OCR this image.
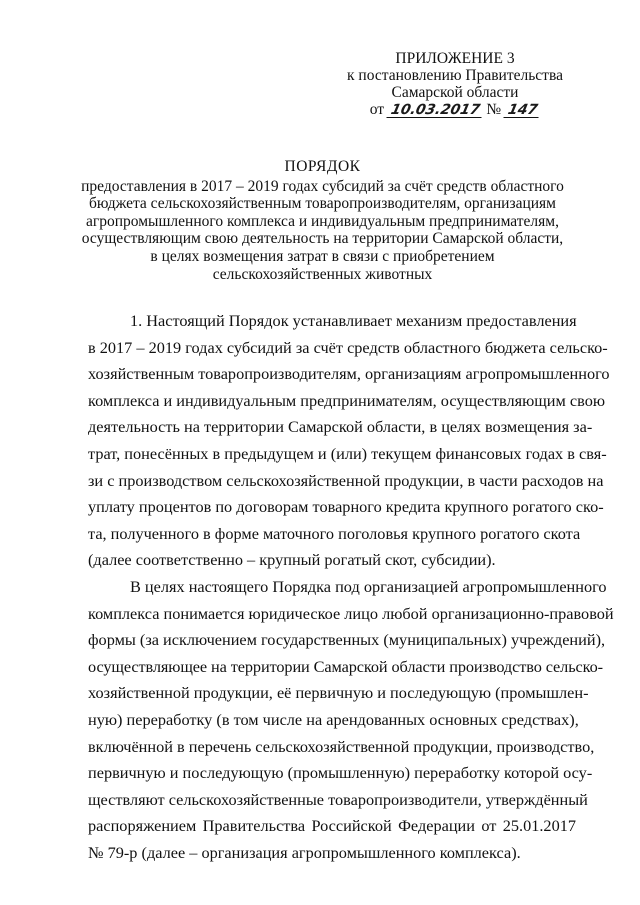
ПРИЛОЖЕНИЕ 3
к постановлению Правительства
Самарской области
от 10.03.2017 № 147
ПОРЯДОК
предоставления в 2017 – 2019 годах субсидий за счёт средств областного
бюджета сельскохозяйственным товаропроизводителям, организациям
агропромышленного комплекса и индивидуальным предпринимателям,
осуществляющим свою деятельность на территории Самарской области,
в целях возмещения затрат в связи с приобретением
сельскохозяйственных животных
1. Настоящий Порядок устанавливает механизм предоставления
в 2017 – 2019 годах субсидий за счёт средств областного бюджета сельско-
хозяйственным товаропроизводителям, организациям агропромышленного
комплекса и индивидуальным предпринимателям, осуществляющим свою
деятельность на территории Самарской области, в целях возмещения за-
трат, понесённых в предыдущем и (или) текущем финансовых годах в свя-
зи с производством сельскохозяйственной продукции, в части расходов на
уплату процентов по договорам товарного кредита крупного рогатого ско-
та, полученного в форме маточного поголовья крупного рогатого скота
(далее соответственно – крупный рогатый скот, субсидии).
В целях настоящего Порядка под организацией агропромышленного
комплекса понимается юридическое лицо любой организационно-правовой
формы (за исключением государственных (муниципальных) учреждений),
осуществляющее на территории Самарской области производство сельско-
хозяйственной продукции, её первичную и последующую (промышлен-
ную) переработку (в том числе на арендованных основных средствах),
включённой в перечень сельскохозяйственной продукции, производство,
первичную и последующую (промышленную) переработку которой осу-
ществляют сельскохозяйственные товаропроизводители, утверждённый
распоряжением Правительства Российской Федерации от 25.01.2017
№ 79-р (далее – организация агропромышленного комплекса).
